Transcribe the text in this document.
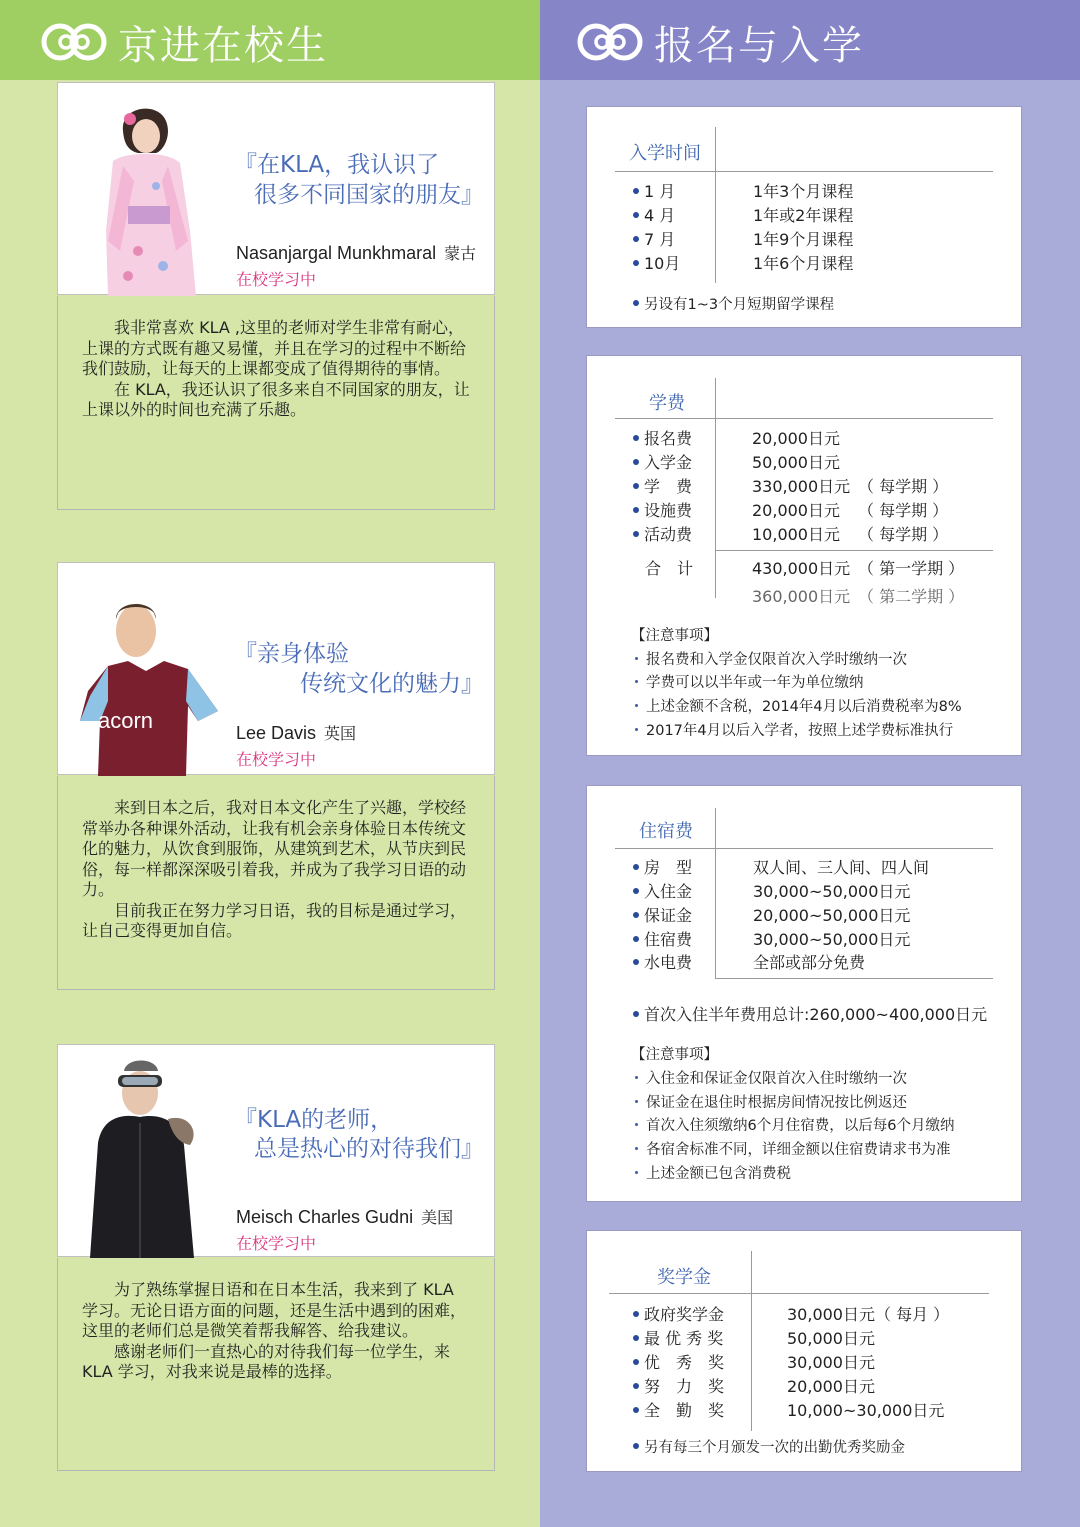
京进在校生	报名与入学
『在KLA，我认识了
很多不同国家的朋友』
Nasanjargal Munkhmaral 蒙古
在校学习中

我非常喜欢 KLA ,这里的老师对学生非常有耐心，上课的方式既有趣又易懂，并且在学习的过程中不断给我们鼓励，让每天的上课都变成了值得期待的事情。

在 KLA，我还认识了很多来自不同国家的朋友，让上课以外的时间也充满了乐趣。

acorn
『亲身体验
传统文化的魅力』
Lee Davis 英国
在校学习中

来到日本之后，我对日本文化产生了兴趣，学校经常举办各种课外活动，让我有机会亲身体验日本传统文化的魅力，从饮食到服饰，从建筑到艺术，从节庆到民俗，每一样都深深吸引着我，并成为了我学习日语的动力。

目前我正在努力学习日语，我的目标是通过学习，让自己变得更加自信。

『KLA的老师，
总是热心的对待我们』
Meisch Charles Gudni 美国
在校学习中

为了熟练掌握日语和在日本生活，我来到了 KLA 学习。无论日语方面的问题，还是生活中遇到的困难，这里的老师们总是微笑着帮我解答、给我建议。

感谢老师们一直热心的对待我们每一位学生，来 KLA 学习，对我来说是最棒的选择。

入学时间
1 月	1年3个月课程
4 月	1年或2年课程
7 月	1年9个月课程
10月	1年6个月课程
另设有1~3个月短期留学课程
学费
报名费	20,000日元
入学金	50,000日元
学　费	330,000日元 （ 每学期 ）
设施费	20,000日元 （ 每学期 ）
活动费	10,000日元 （ 每学期 ）
合　计	430,000日元 （ 第一学期 ）
360,000日元 （ 第二学期 ）
【注意事项】
报名费和入学金仅限首次入学时缴纳一次
学费可以以半年或一年为单位缴纳
上述金额不含税，2014年4月以后消费税率为8%
2017年4月以后入学者，按照上述学费标准执行
住宿费
房　型	双人间、三人间、四人间
入住金	30,000~50,000日元
保证金	20,000~50,000日元
住宿费	30,000~50,000日元
水电费	全部或部分免费
首次入住半年费用总计:260,000~400,000日元
【注意事项】
入住金和保证金仅限首次入住时缴纳一次
保证金在退住时根据房间情况按比例返还
首次入住须缴纳6个月住宿费，以后每6个月缴纳
各宿舍标准不同，详细金额以住宿费请求书为准
上述金额已包含消费税
奖学金
政府奖学金	30,000日元（ 每月 ）
最 优 秀 奖	50,000日元
优　秀　奖	30,000日元
努　力　奖	20,000日元
全　勤　奖	10,000~30,000日元
另有每三个月颁发一次的出勤优秀奖励金
